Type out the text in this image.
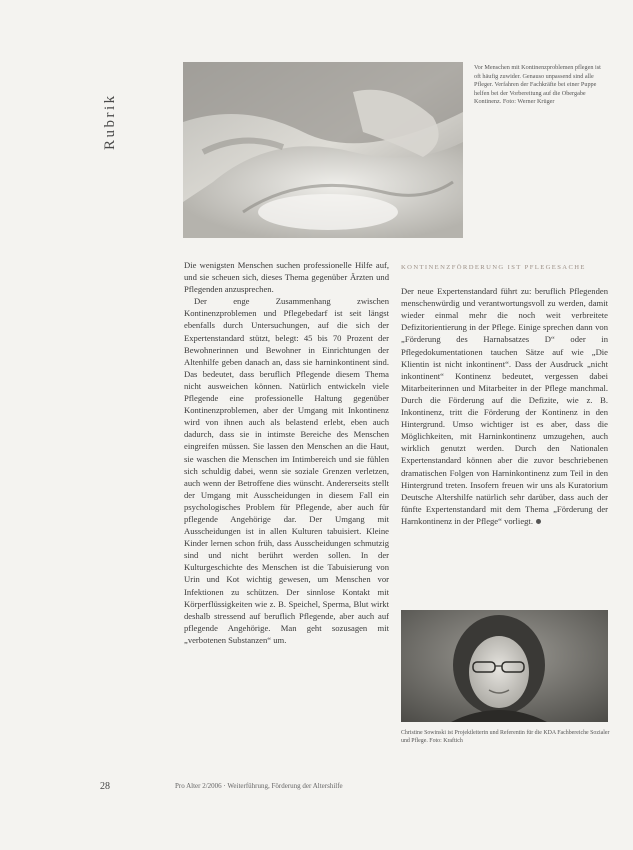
Rubrik
Vor Menschen mit Kontinenzproblemen pflegen ist oft häufig zuwider. Genauso unpassend sind alle Pfleger. Verfahren der Fachkräfte bei einer Puppe helfen bei der Vorbereitung auf die Obergabe Kontinenz. Foto: Werner Krüger

Die wenigsten Menschen suchen professionelle Hilfe auf, und sie scheuen sich, dieses Thema gegenüber Ärzten und Pflegenden anzusprechen.

Der enge Zusammenhang zwischen Kontinenzproblemen und Pflegebedarf ist seit längst ebenfalls durch Untersuchungen, auf die sich der Expertenstandard stützt, belegt: 45 bis 70 Prozent der Bewohnerinnen und Bewohner in Einrichtungen der Altenhilfe geben danach an, dass sie harninkontinent sind. Das bedeutet, dass beruflich Pflegende diesem Thema nicht ausweichen können. Natürlich entwickeln viele Pflegende eine professionelle Haltung gegenüber Kontinenzproblemen, aber der Umgang mit Inkontinenz wird von ihnen auch als belastend erlebt, eben auch dadurch, dass sie in intimste Bereiche des Menschen eingreifen müssen. Sie lassen den Menschen an die Haut, sie waschen die Menschen im Intimbereich und sie fühlen sich schuldig dabei, wenn sie soziale Grenzen verletzen, auch wenn der Betroffene dies wünscht. Andererseits stellt der Umgang mit Ausscheidungen in diesem Fall ein psychologisches Problem für Pflegende, aber auch für pflegende Angehörige dar. Der Umgang mit Ausscheidungen ist in allen Kulturen tabuisiert. Kleine Kinder lernen schon früh, dass Ausscheidungen schmutzig sind und nicht berührt werden sollen. In der Kulturgeschichte des Menschen ist die Tabuisierung von Urin und Kot wichtig gewesen, um Menschen vor Infektionen zu schützen. Der sinnlose Kontakt mit Körperflüssigkeiten wie z. B. Speichel, Sperma, Blut wirkt deshalb stressend auf beruflich Pflegende, aber auch auf pflegende Angehörige. Man geht sozusagen mit „verbotenen Substanzen“ um.

KONTINENZFÖRDERUNG IST PFLEGESACHE

Der neue Expertenstandard führt zu: beruflich Pflegenden menschenwürdig und verantwortungsvoll zu werden, damit wieder einmal mehr die noch weit verbreitete Defizitorientierung in der Pflege. Einige sprechen dann von „Förderung des Harnabsatzes D“ oder in Pflegedokumentationen tauchen Sätze auf wie „Die Klientin ist nicht inkontinent“. Dass der Ausdruck „nicht inkontinent“ Kontinenz bedeutet, vergessen dabei Mitarbeiterinnen und Mitarbeiter in der Pflege manchmal. Durch die Förderung auf die Defizite, wie z. B. Inkontinenz, tritt die Förderung der Kontinenz in den Hintergrund. Umso wichtiger ist es aber, dass die Möglichkeiten, mit Harninkontinenz umzugehen, auch wirklich genutzt werden. Durch den Nationalen Expertenstandard können aber die zuvor beschriebenen dramatischen Folgen von Harninkontinenz zum Teil in den Hintergrund treten. Insofern freuen wir uns als Kuratorium Deutsche Altershilfe natürlich sehr darüber, dass auch der fünfte Expertenstandard mit dem Thema „Förderung der Harnkontinenz in der Pflege“ vorliegt.

Christine Sowinski ist Projektleiterin und Referentin für die KDA Fachbereiche Sozialer und Pflege. Foto: Kraftich
28	Pro Alter 2/2006 · Weiterführung, Förderung der Altershilfe
